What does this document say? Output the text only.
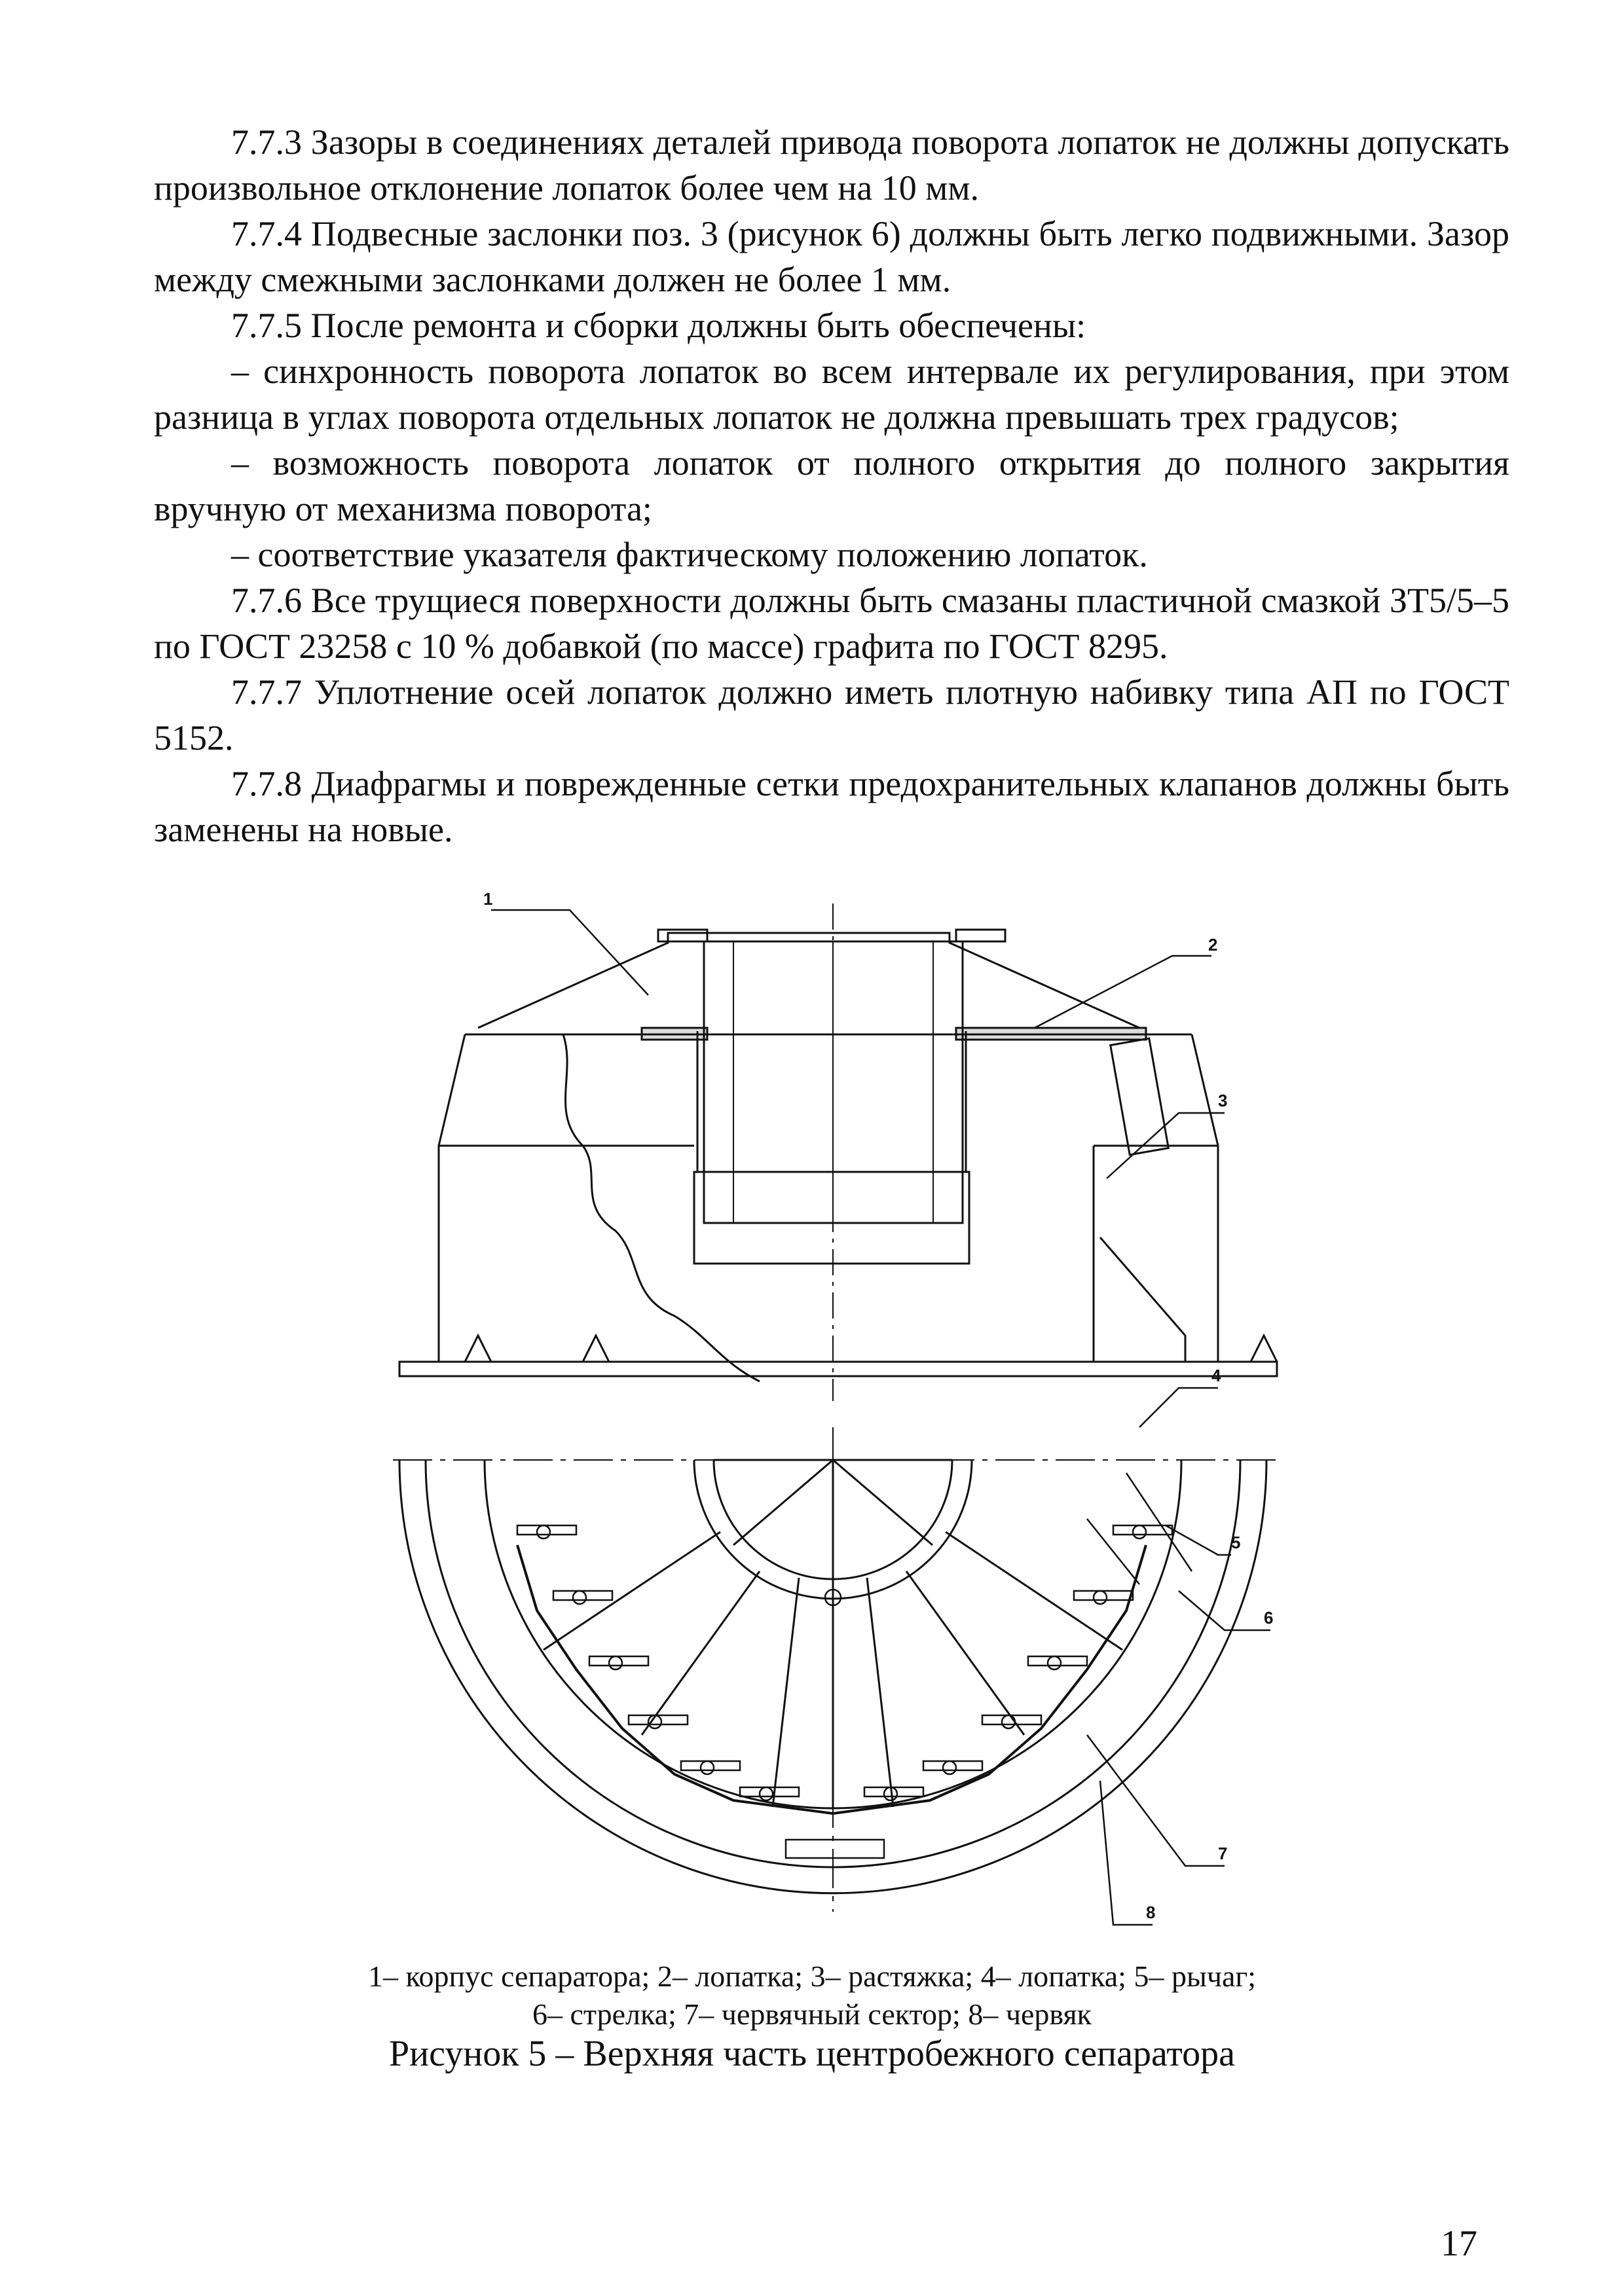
7.7.3 Зазоры в соединениях деталей привода поворота лопаток не должны допускать произвольное отклонение лопаток более чем на 10 мм.

7.7.4 Подвесные заслонки поз. 3 (рисунок 6) должны быть легко подвижными. Зазор между смежными заслонками должен не более 1 мм.

7.7.5 После ремонта и сборки должны быть обеспечены:

– синхронность поворота лопаток во всем интервале их регулирования, при этом разница в углах поворота отдельных лопаток не должна превышать трех градусов;

– возможность поворота лопаток от полного открытия до полного закрытия вручную от механизма поворота;

– соответствие указателя фактическому положению лопаток.

7.7.6 Все трущиеся поверхности должны быть смазаны пластичной смазкой ЗТ5/5–5 по ГОСТ 23258 с 10 % добавкой (по массе) графита по ГОСТ 8295.

7.7.7 Уплотнение осей лопаток должно иметь плотную набивку типа АП по ГОСТ 5152.

7.7.8 Диафрагмы и поврежденные сетки предохранительных клапанов должны быть заменены на новые.

1
2
3
4
5
6
7
8
1– корпус сепаратора; 2– лопатка; 3– растяжка; 4– лопатка; 5– рычаг;
6– стрелка; 7– червячный сектор; 8– червяк
Рисунок 5 – Верхняя часть центробежного сепаратора
17
